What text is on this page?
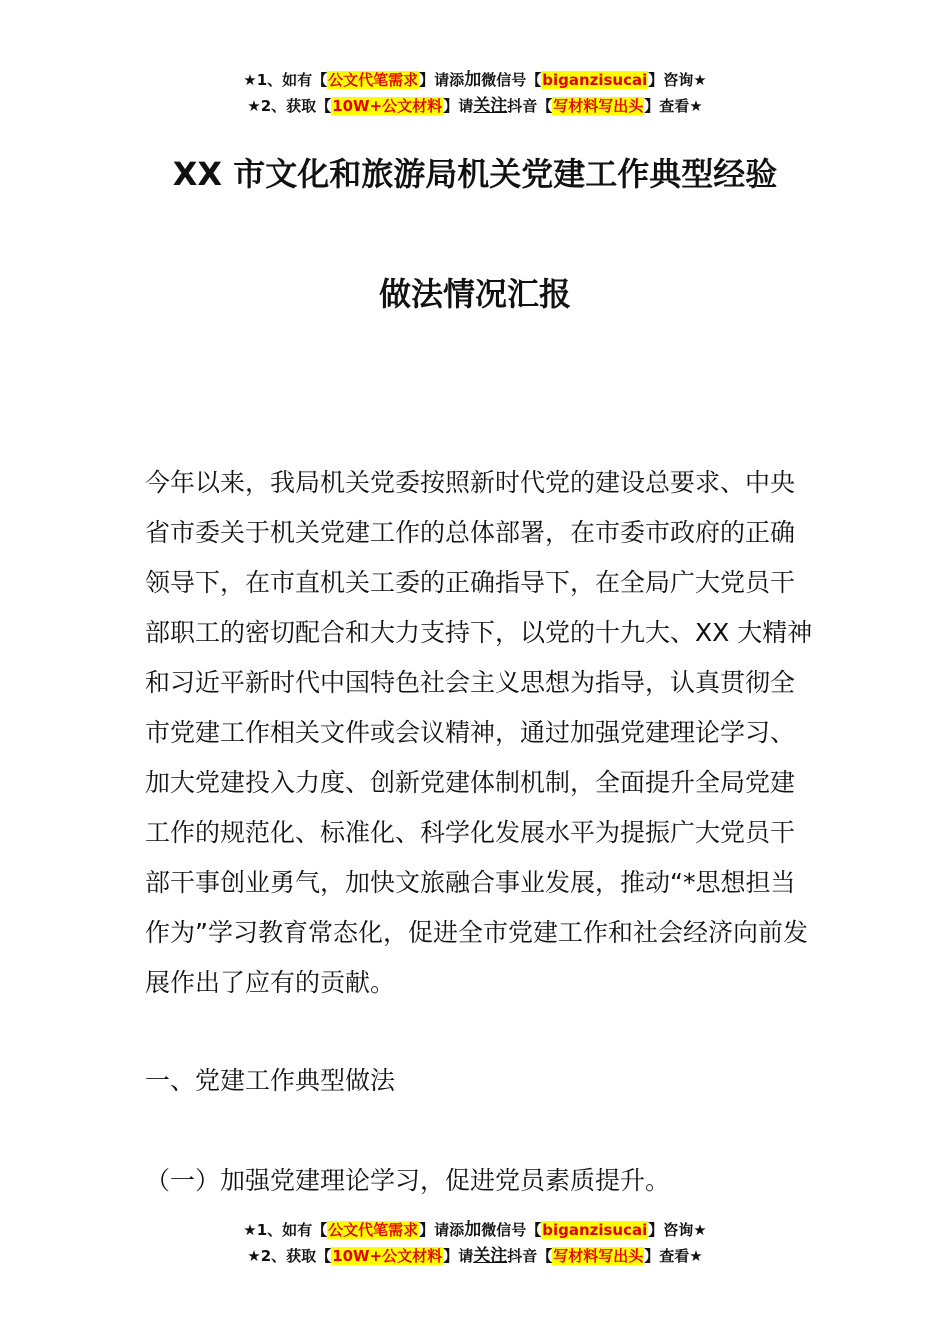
★1、如有【公文代笔需求】请添加微信号【biganzisucai】咨询★
★2、获取【10W+公文材料】请关注抖音【写材料写出头】查看★
XX 市文化和旅游局机关党建工作典型经验
做法情况汇报

今年以来，我局机关党委按照新时代党的建设总要求、中央省市委关于机关党建工作的总体部署，在市委市政府的正确领导下，在市直机关工委的正确指导下，在全局广大党员干部职工的密切配合和大力支持下，以党的十九大、XX 大精神和习近平新时代中国特色社会主义思想为指导，认真贯彻全市党建工作相关文件或会议精神，通过加强党建理论学习、加大党建投入力度、创新党建体制机制，全面提升全局党建工作的规范化、标准化、科学化发展水平为提振广大党员干部干事创业勇气，加快文旅融合事业发展，推动“*思想担当作为”学习教育常态化，促进全市党建工作和社会经济向前发展作出了应有的贡献。

一、党建工作典型做法

（一）加强党建理论学习，促进党员素质提升。

★1、如有【公文代笔需求】请添加微信号【biganzisucai】咨询★
★2、获取【10W+公文材料】请关注抖音【写材料写出头】查看★
